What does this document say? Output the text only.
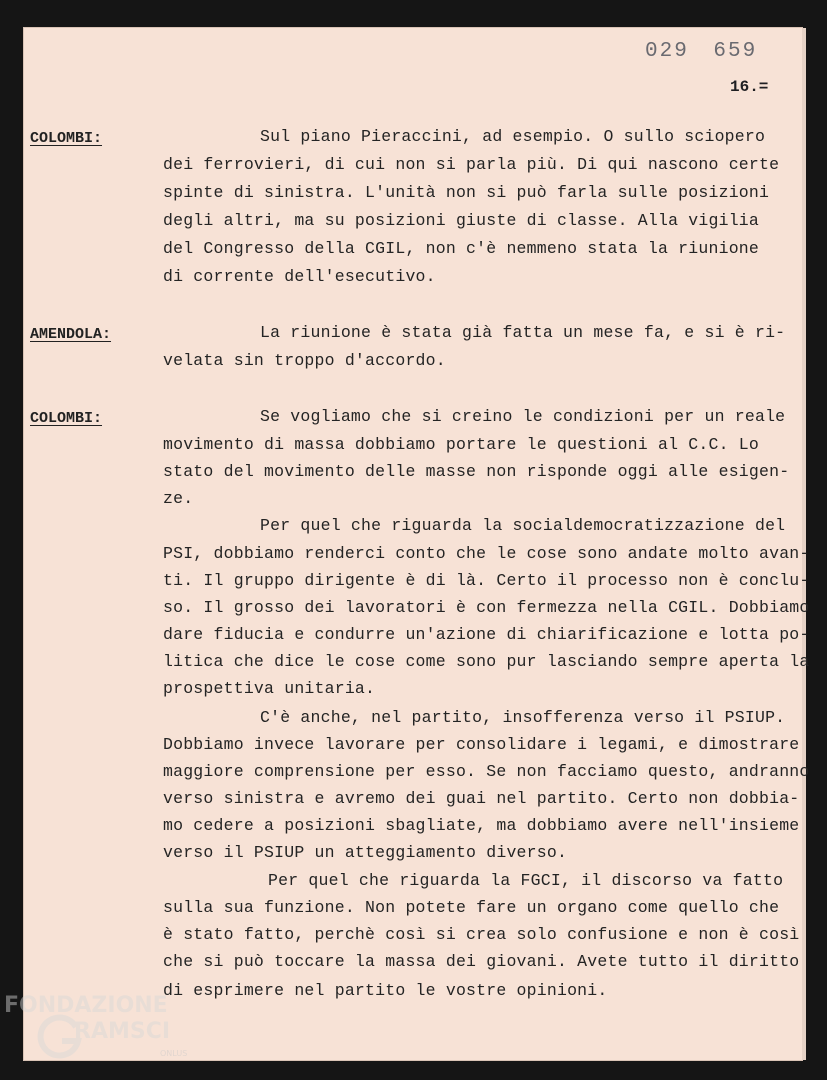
029 659
16.=
COLOMBI:
AMENDOLA:
COLOMBI:
Sul piano Pieraccini, ad esempio. O sullo sciopero
dei ferrovieri, di cui non si parla più. Di qui nascono certe
spinte di sinistra. L'unità non si può farla sulle posizioni
degli altri, ma su posizioni giuste di classe. Alla vigilia
del Congresso della CGIL, non c'è nemmeno stata la riunione
di corrente dell'esecutivo.
La riunione è stata già fatta un mese fa, e si è ri-
velata sin troppo d'accordo.
Se vogliamo che si creino le condizioni per un reale
movimento di massa dobbiamo portare le questioni al C.C. Lo
stato del movimento delle masse non risponde oggi alle esigen-
ze.
Per quel che riguarda la socialdemocratizzazione del
PSI, dobbiamo renderci conto che le cose sono andate molto avan-
ti. Il gruppo dirigente è di là. Certo il processo non è conclu-
so. Il grosso dei lavoratori è con fermezza nella CGIL. Dobbiamo
dare fiducia e condurre un'azione di chiarificazione e lotta po-
litica che dice le cose come sono pur lasciando sempre aperta la
prospettiva unitaria.
C'è anche, nel partito, insofferenza verso il PSIUP.
Dobbiamo invece lavorare per consolidare i legami, e dimostrare
maggiore comprensione per esso. Se non facciamo questo, andranno
verso sinistra e avremo dei guai nel partito. Certo non dobbia-
mo cedere a posizioni sbagliate, ma dobbiamo avere nell'insieme
verso il PSIUP un atteggiamento diverso.
Per quel che riguarda la FGCI, il discorso va fatto
sulla sua funzione. Non potete fare un organo come quello che
è stato fatto, perchè così si crea solo confusione e non è così
che si può toccare la massa dei giovani. Avete tutto il diritto
di esprimere nel partito le vostre opinioni.
FONDAZIONE
RAMSCI
ONLUS
